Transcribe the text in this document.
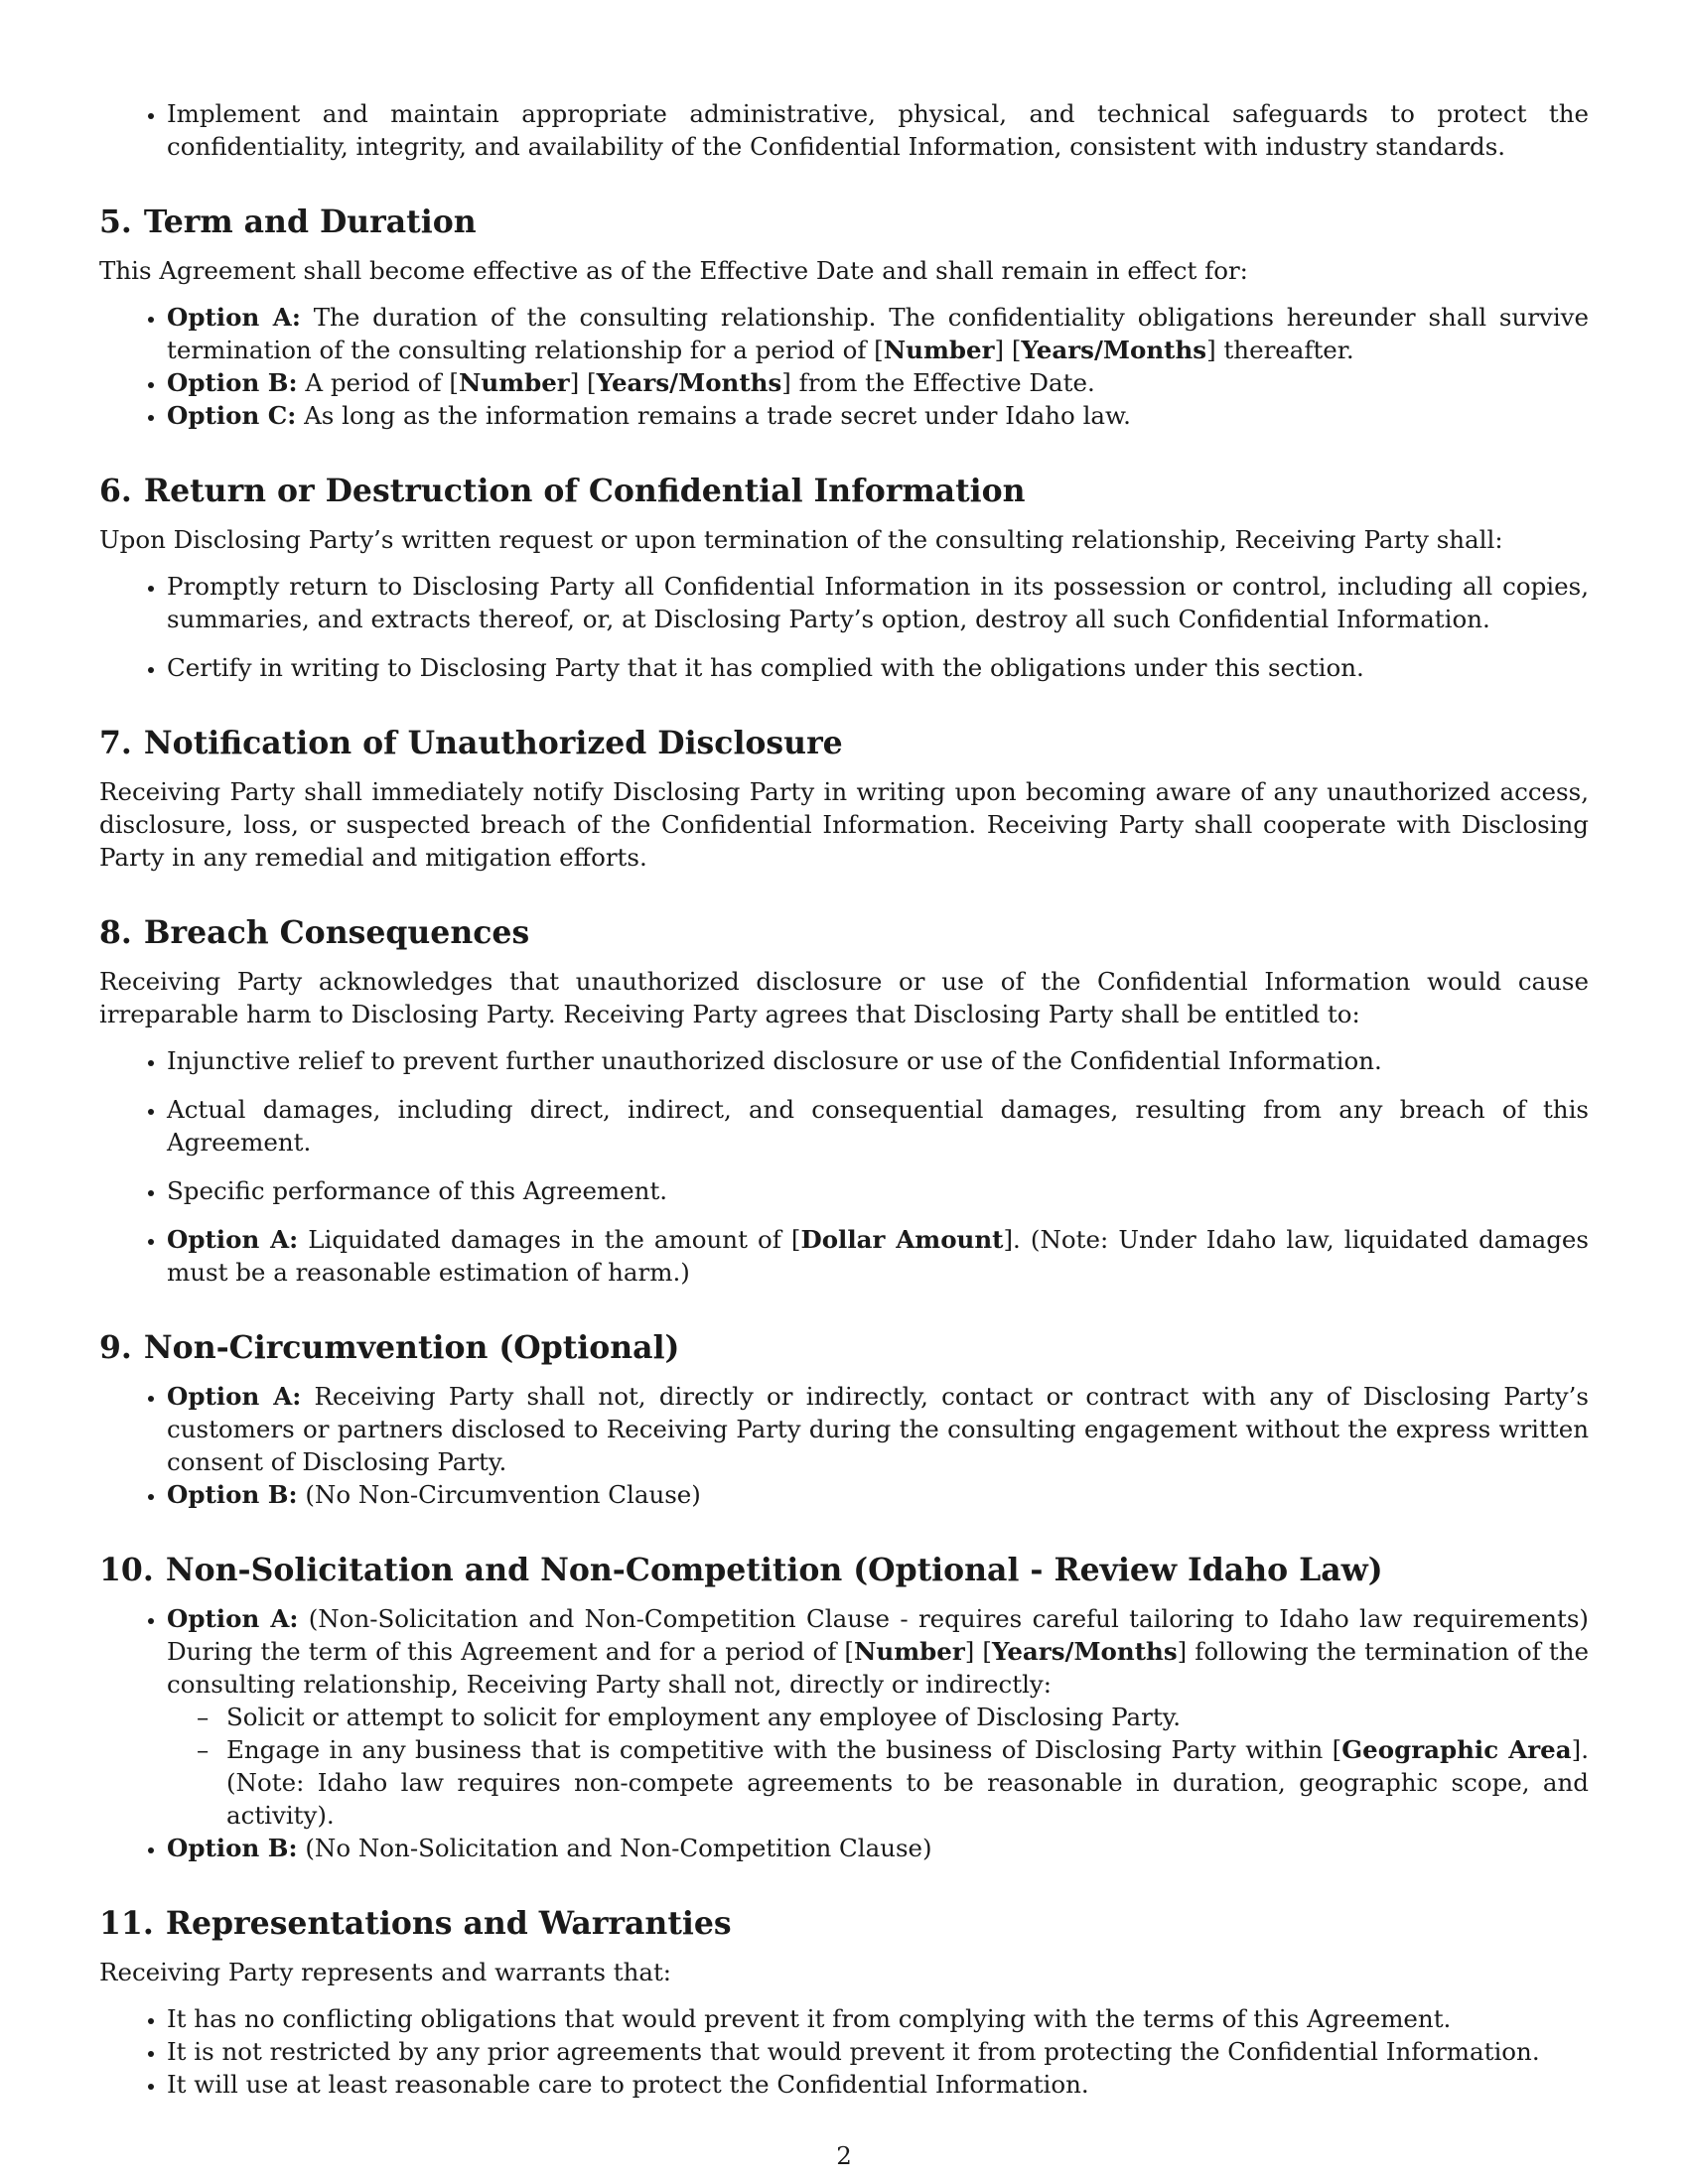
• Implement and maintain appropriate administrative, physical, and technical safeguards to protect the confidentiality, integrity, and availability of the Confidential Information, consistent with industry standards.
5. Term and Duration

This Agreement shall become effective as of the Effective Date and shall remain in effect for:

• Option A: The duration of the consulting relationship. The confidentiality obligations hereunder shall survive termination of the consulting relationship for a period of [Number] [Years/Months] thereafter.
• Option B: A period of [Number] [Years/Months] from the Effective Date.
• Option C: As long as the information remains a trade secret under Idaho law.
6. Return or Destruction of Confidential Information

Upon Disclosing Party’s written request or upon termination of the consulting relationship, Receiving Party shall:

• Promptly return to Disclosing Party all Confidential Information in its possession or control, including all copies, summaries, and extracts thereof, or, at Disclosing Party’s option, destroy all such Confidential Information.
• Certify in writing to Disclosing Party that it has complied with the obligations under this section.
7. Notification of Unauthorized Disclosure

Receiving Party shall immediately notify Disclosing Party in writing upon becoming aware of any unauthorized access, disclosure, loss, or suspected breach of the Confidential Information. Receiving Party shall cooperate with Disclosing Party in any remedial and mitigation efforts.

8. Breach Consequences

Receiving Party acknowledges that unauthorized disclosure or use of the Confidential Information would cause irreparable harm to Disclosing Party. Receiving Party agrees that Disclosing Party shall be entitled to:

• Injunctive relief to prevent further unauthorized disclosure or use of the Confidential Information.
• Actual damages, including direct, indirect, and consequential damages, resulting from any breach of this Agreement.
• Specific performance of this Agreement.
• Option A: Liquidated damages in the amount of [Dollar Amount]. (Note: Under Idaho law, liquidated damages must be a reasonable estimation of harm.)
9. Non-Circumvention (Optional)
• Option A: Receiving Party shall not, directly or indirectly, contact or contract with any of Disclosing Party’s customers or partners disclosed to Receiving Party during the consulting engagement without the express written consent of Disclosing Party.
• Option B: (No Non-Circumvention Clause)
10. Non-Solicitation and Non-Competition (Optional - Review Idaho Law)
• Option A: (Non-Solicitation and Non-Competition Clause - requires careful tailoring to Idaho law requirements) During the term of this Agreement and for a period of [Number] [Years/Months] following the termination of the consulting relationship, Receiving Party shall not, directly or indirectly:
– Solicit or attempt to solicit for employment any employee of Disclosing Party.
– Engage in any business that is competitive with the business of Disclosing Party within [Geographic Area]. (Note: Idaho law requires non-compete agreements to be reasonable in duration, geographic scope, and activity).
• Option B: (No Non-Solicitation and Non-Competition Clause)
11. Representations and Warranties

Receiving Party represents and warrants that:

• It has no conflicting obligations that would prevent it from complying with the terms of this Agreement.
• It is not restricted by any prior agreements that would prevent it from protecting the Confidential Information.
• It will use at least reasonable care to protect the Confidential Information.
2
